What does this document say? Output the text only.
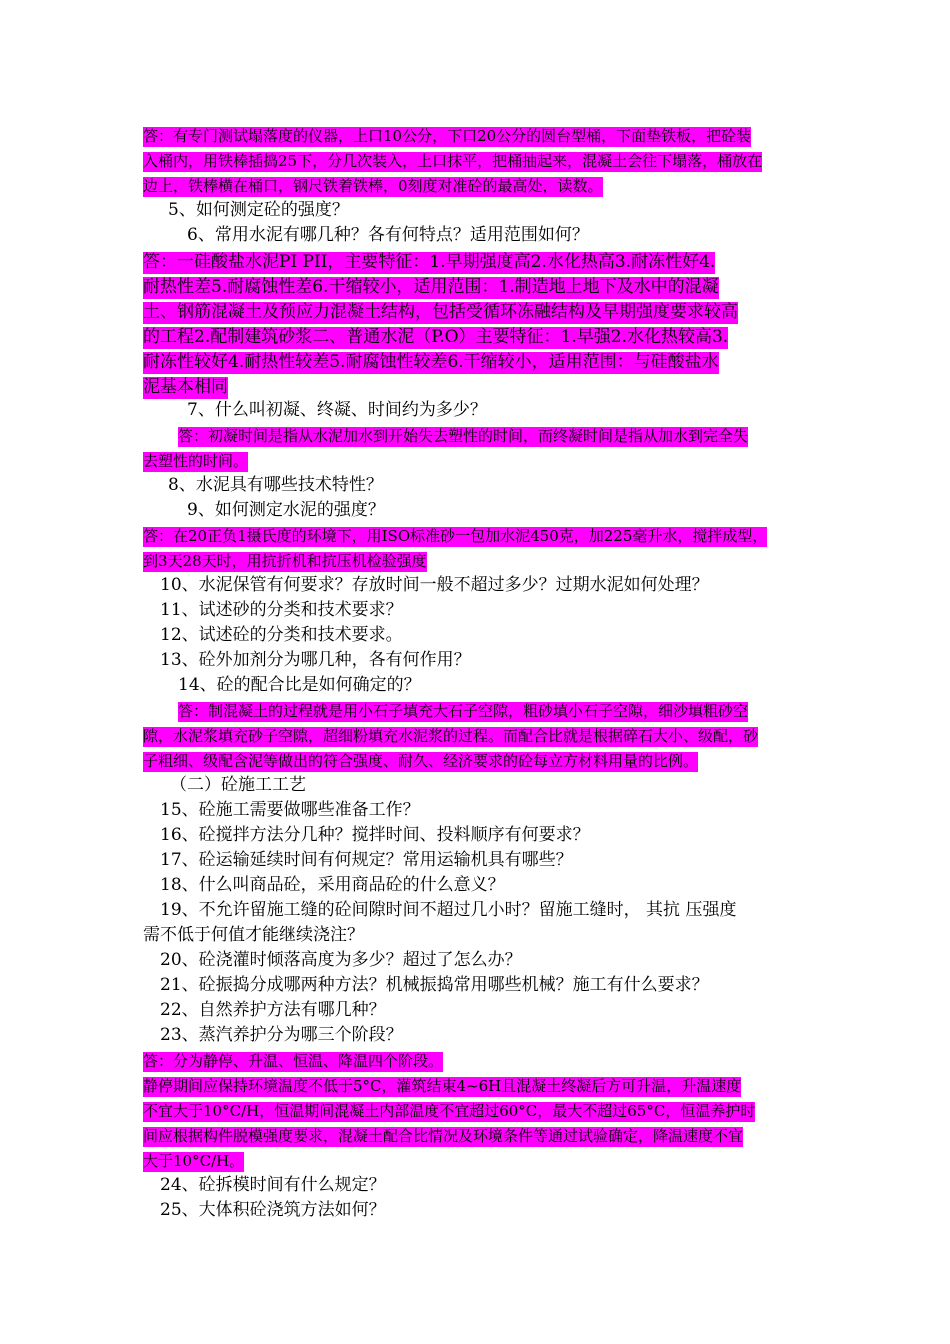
答：有专门测试塌落度的仪器，上口10公分，下口20公分的圆台型桶，下面垫铁板，把砼装
入桶内，用铁棒插捣25下，分几次装入，上口抹平，把桶抽起来，混凝土会往下塌落，桶放在
边上，铁棒横在桶口，钢尺铁着铁棒，0刻度对准砼的最高处，读数。
5、如何测定砼的强度？
6、常用水泥有哪几种？各有何特点？适用范围如何？
答：一硅酸盐水泥PI PII，主要特征：1.早期强度高2.水化热高3.耐冻性好4.
耐热性差5.耐腐蚀性差6.干缩较小，适用范围：1.制造地上地下及水中的混凝
土、钢筋混凝土及预应力混凝土结构，包括受循环冻融结构及早期强度要求较高
的工程2.配制建筑砂浆二、普通水泥（P.O）主要特征：1.早强2.水化热较高3.
耐冻性较好4.耐热性较差5.耐腐蚀性较差6.干缩较小，适用范围：与硅酸盐水
泥基本相同
7、什么叫初凝、终凝、时间约为多少？
答：初凝时间是指从水泥加水到开始失去塑性的时间，而终凝时间是指从加水到完全失
去塑性的时间。
8、水泥具有哪些技术特性？
9、如何测定水泥的强度？
答：在20正负1摄氏度的环境下，用ISO标准砂一包加水泥450克，加225毫升水，搅拌成型，
到3天28天时，用抗折机和抗压机检验强度
10、水泥保管有何要求？存放时间一般不超过多少？过期水泥如何处理？
11、试述砂的分类和技术要求？
12、试述砼的分类和技术要求。
13、砼外加剂分为哪几种，各有何作用？
14、砼的配合比是如何确定的？
答：制混凝土的过程就是用小石子填充大石子空隙，粗砂填小石子空隙，细沙填粗砂空
隙，水泥浆填充砂子空隙，超细粉填充水泥浆的过程。而配合比就是根据碎石大小、级配，砂
子粗细、级配含泥等做出的符合强度、耐久、经济要求的砼每立方材料用量的比例。
（二）砼施工工艺
15、砼施工需要做哪些准备工作？
16、砼搅拌方法分几种？搅拌时间、投料顺序有何要求？
17、砼运输延续时间有何规定？常用运输机具有哪些？
18、什么叫商品砼，采用商品砼的什么意义？
19、不允许留施工缝的砼间隙时间不超过几小时？留施工缝时， 其抗 压强度
需不低于何值才能继续浇注？
20、砼浇灌时倾落高度为多少？超过了怎么办？
21、砼振捣分成哪两种方法？机械振捣常用哪些机械？施工有什么要求？
22、自然养护方法有哪几种？
23、蒸汽养护分为哪三个阶段？
答：分为静停、升温、恒温、降温四个阶段。
静停期间应保持环境温度不低于5°C，灌筑结束4~6H且混凝土终凝后方可升温，升温速度
不宜大于10°C/H，恒温期间混凝土内部温度不宜超过60°C，最大不超过65°C，恒温养护时
间应根据构件脱模强度要求，混凝土配合比情况及环境条件等通过试验确定，降温速度不宜
大于10°C/H。
24、砼拆模时间有什么规定？
25、大体积砼浇筑方法如何？
